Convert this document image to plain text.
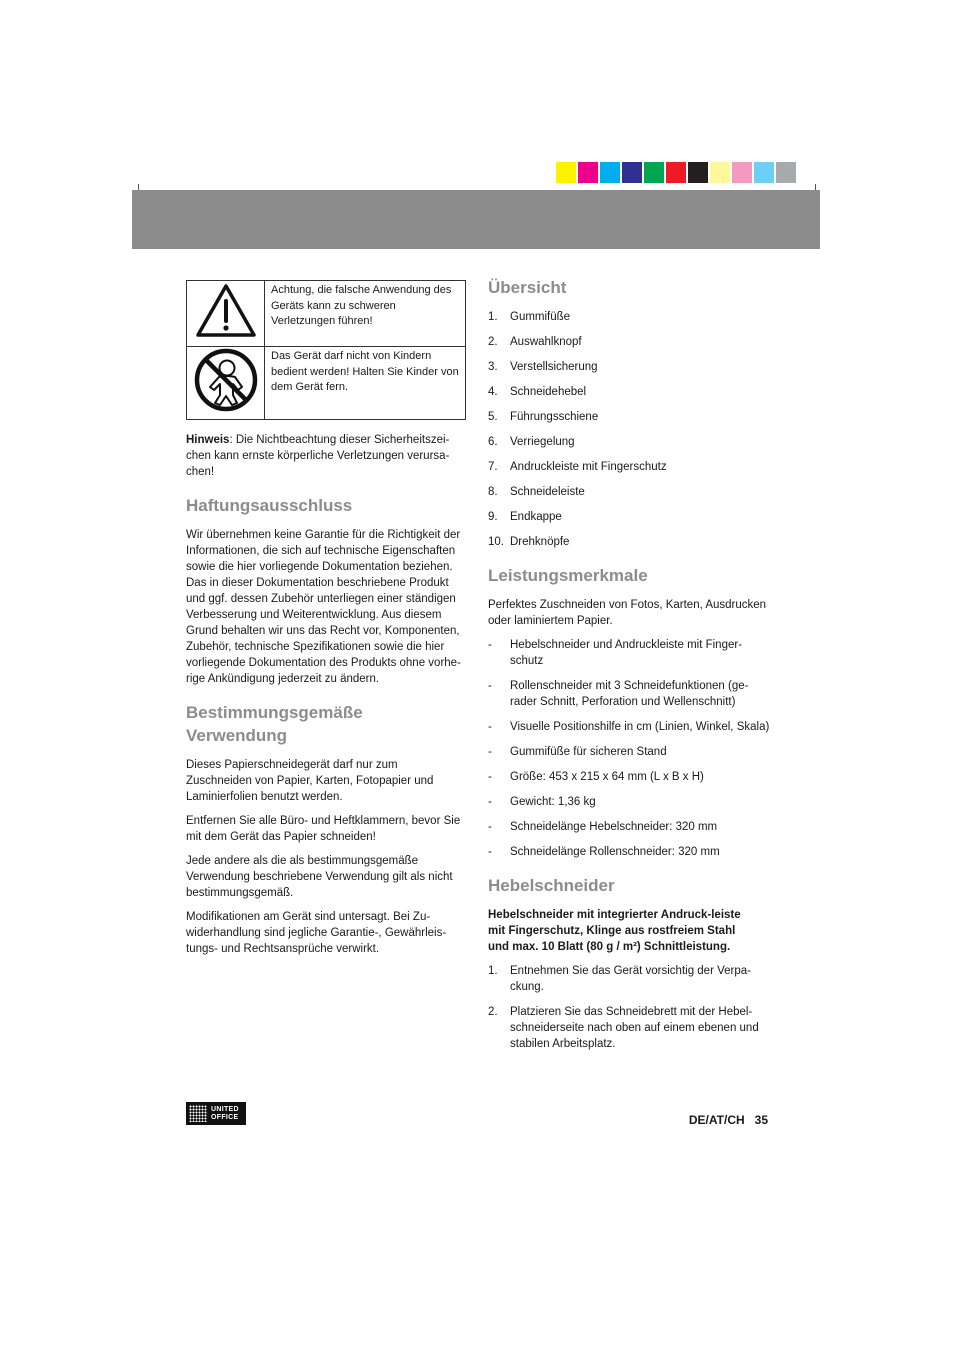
	Achtung, die falsche Anwendung des Geräts kann zu schweren Verletzungen führen!
	Das Gerät darf nicht von Kindern bedient werden! Halten Sie Kinder von dem Gerät fern.

Hinweis: Die Nichtbeachtung dieser Sicherheitszei-chen kann ernste körperliche Verletzungen verursa-chen!

Haftungsausschluss

Wir übernehmen keine Garantie für die Richtigkeit der Informationen, die sich auf technische Eigenschaften sowie die hier vorliegende Dokumentation beziehen. Das in dieser Dokumentation beschriebene Produkt und ggf. dessen Zubehör unterliegen einer ständigen Verbesserung und Weiterentwicklung. Aus diesem Grund behalten wir uns das Recht vor, Komponenten, Zubehör, technische Spezifikationen sowie die hier vorliegende Dokumentation des Produkts ohne vorhe-rige Ankündigung jederzeit zu ändern.

Bestimmungsgemäße Verwendung

Dieses Papierschneidegerät darf nur zum Zuschneiden von Papier, Karten, Fotopapier und Laminierfolien benutzt werden.

Entfernen Sie alle Büro- und Heftklammern, bevor Sie mit dem Gerät das Papier schneiden!

Jede andere als die als bestimmungsgemäße Verwendung beschriebene Verwendung gilt als nicht bestimmungsgemäß.

Modifikationen am Gerät sind untersagt. Bei Zu-widerhandlung sind jegliche Garantie-, Gewährleis-tungs- und Rechtsansprüche verwirkt.

Übersicht
1.	Gummifüße
2.	Auswahlknopf
3.	Verstellsicherung
4.	Schneidehebel
5.	Führungsschiene
6.	Verriegelung
7.	Andruckleiste mit Fingerschutz
8.	Schneideleiste
9.	Endkappe
10. Drehknöpfe
Leistungsmerkmale

Perfektes Zuschneiden von Fotos, Karten, Ausdrucken oder laminiertem Papier.

-	Hebelschneider und Andruckleiste mit Finger-schutz
-	Rollenschneider mit 3 Schneidefunktionen (ge-rader Schnitt, Perforation und Wellenschnitt)
-	Visuelle Positionshilfe in cm (Linien, Winkel, Skala)
-	Gummifüße für sicheren Stand
-	Größe: 453 x 215 x 64 mm (L x B x H)
-	Gewicht: 1,36 kg
-	Schneidelänge Hebelschneider: 320 mm
-	Schneidelänge Rollenschneider: 320 mm
Hebelschneider

Hebelschneider mit integrierter Andruck-leiste mit Fingerschutz, Klinge aus rostfreiem Stahl und max. 10 Blatt (80 g / m²) Schnittleistung.

1.	Entnehmen Sie das Gerät vorsichtig der Verpa-ckung.
2.	Platzieren Sie das Schneidebrett mit der Hebel-schneiderseite nach oben auf einem ebenen und stabilen Arbeitsplatz.
UNITED
OFFICE	DE/AT/CH   35
